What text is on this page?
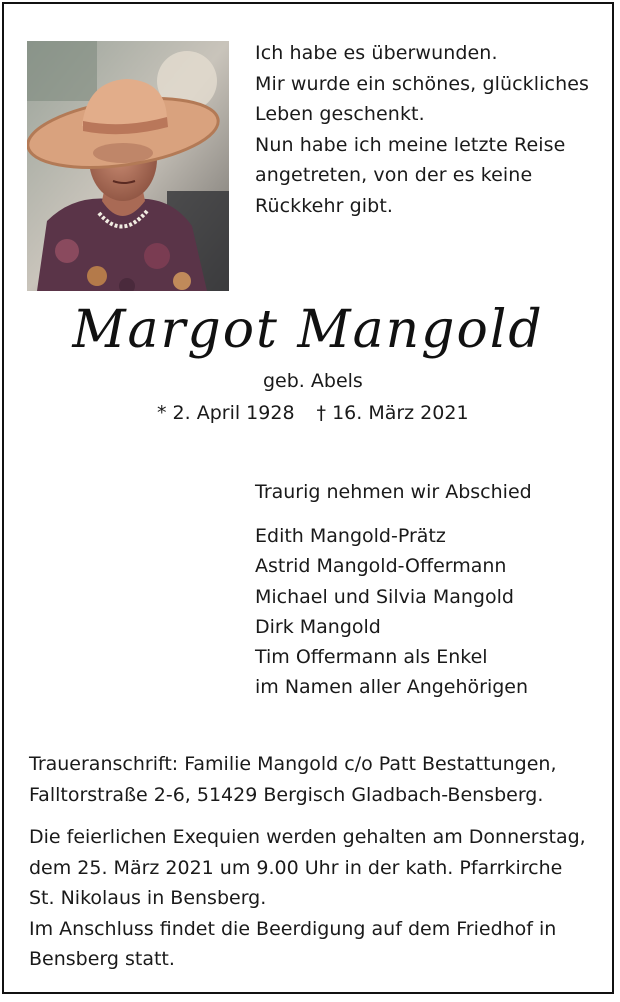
Ich habe es überwunden.
Mir wurde ein schönes, glückliches
Leben geschenkt.
Nun habe ich meine letzte Reise
angetreten, von der es keine
Rückkehr gibt.
Margot Mangold
geb. Abels
* 2. April 1928 † 16. März 2021
Traurig nehmen wir Abschied
Edith Mangold-Prätz
Astrid Mangold-Offermann
Michael und Silvia Mangold
Dirk Mangold
Tim Offermann als Enkel
im Namen aller Angehörigen
Traueranschrift: Familie Mangold c/o Patt Bestattungen,
Falltorstraße 2-6, 51429 Bergisch Gladbach-Bensberg.
Die feierlichen Exequien werden gehalten am Donnerstag,
dem 25. März 2021 um 9.00 Uhr in der kath. Pfarrkirche
St. Nikolaus in Bensberg.
Im Anschluss findet die Beerdigung auf dem Friedhof in
Bensberg statt.
